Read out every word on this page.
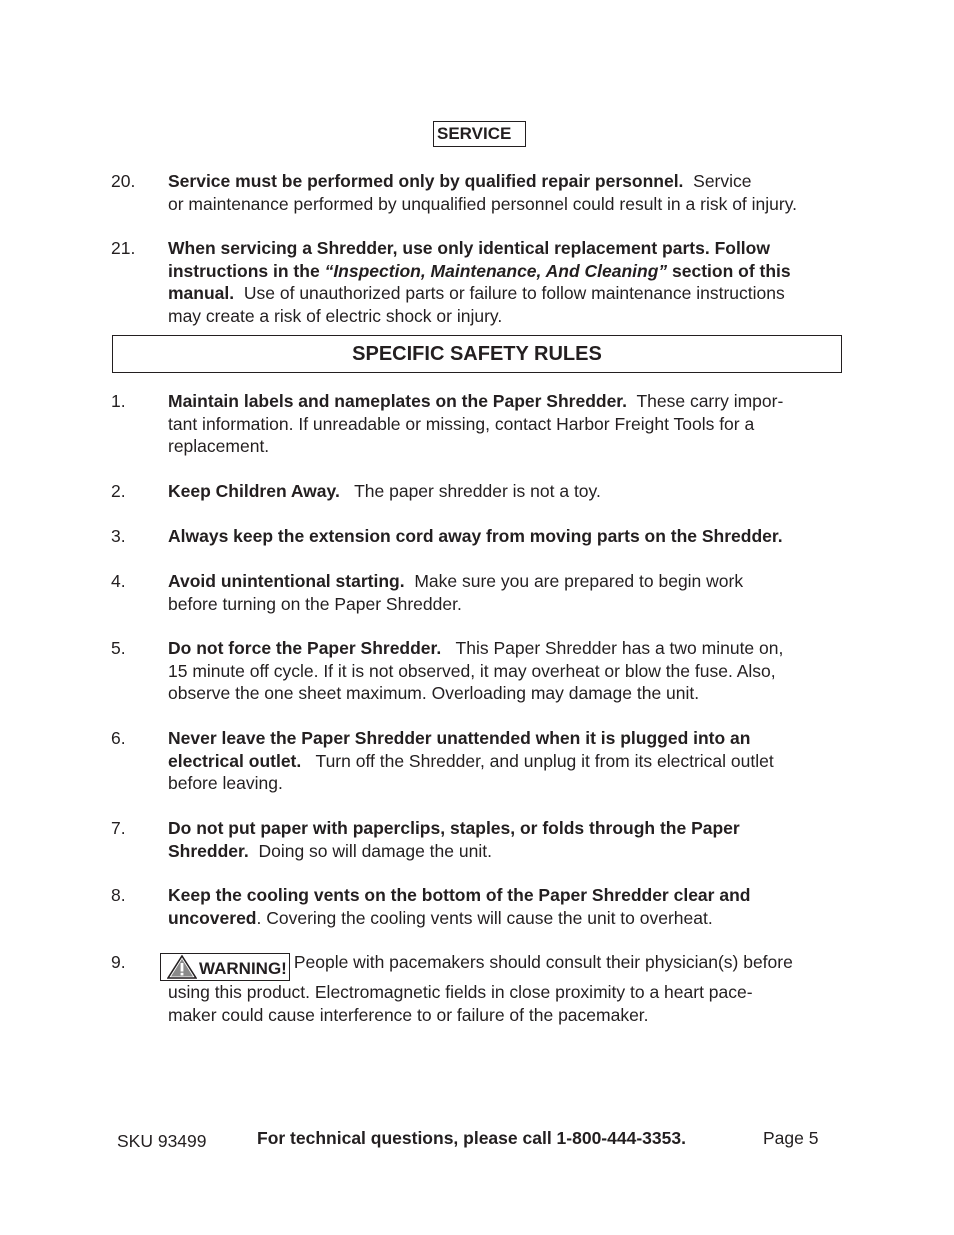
SERVICE
20. Service must be performed only by qualified repair personnel. Service
or maintenance performed by unqualified personnel could result in a risk of injury.
21. When servicing a Shredder, use only identical replacement parts. Follow
instructions in the “Inspection, Maintenance, And Cleaning” section of this
manual. Use of unauthorized parts or failure to follow maintenance instructions
may create a risk of electric shock or injury.
SPECIFIC SAFETY RULES
1. Maintain labels and nameplates on the Paper Shredder. These carry impor-
tant information. If unreadable or missing, contact Harbor Freight Tools for a
replacement.
2. Keep Children Away. The paper shredder is not a toy.
3. Always keep the extension cord away from moving parts on the Shredder.
4. Avoid unintentional starting. Make sure you are prepared to begin work
before turning on the Paper Shredder.
5. Do not force the Paper Shredder. This Paper Shredder has a two minute on,
15 minute off cycle. If it is not observed, it may overheat or blow the fuse. Also,
observe the one sheet maximum. Overloading may damage the unit.
6. Never leave the Paper Shredder unattended when it is plugged into an
electrical outlet. Turn off the Shredder, and unplug it from its electrical outlet
before leaving.
7. Do not put paper with paperclips, staples, or folds through the Paper
Shredder. Doing so will damage the unit.
8. Keep the cooling vents on the bottom of the Paper Shredder clear and
uncovered. Covering the cooling vents will cause the unit to overheat.
9.	WARNING! People with pacemakers should consult their physician(s) before
using this product. Electromagnetic fields in close proximity to a heart pace-
maker could cause interference to or failure of the pacemaker.
SKU 93499	For technical questions, please call 1-800-444-3353.	Page 5
